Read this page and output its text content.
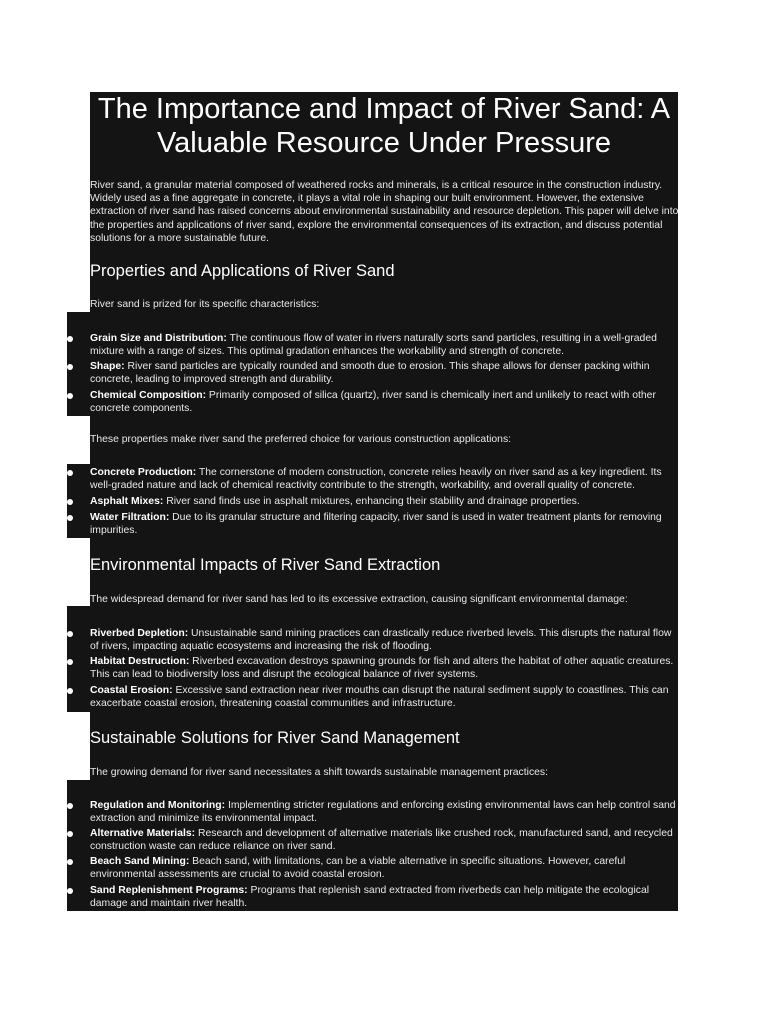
The Importance and Impact of River Sand: A Valuable Resource Under Pressure
River sand, a granular material composed of weathered rocks and minerals, is a critical resource in the construction industry. Widely used as a fine aggregate in concrete, it plays a vital role in shaping our built environment. However, the extensive extraction of river sand has raised concerns about environmental sustainability and resource depletion. This paper will delve into the properties and applications of river sand, explore the environmental consequences of its extraction, and discuss potential solutions for a more sustainable future.
Properties and Applications of River Sand
River sand is prized for its specific characteristics:
Grain Size and Distribution: The continuous flow of water in rivers naturally sorts sand particles, resulting in a well-graded mixture with a range of sizes. This optimal gradation enhances the workability and strength of concrete.
Shape: River sand particles are typically rounded and smooth due to erosion. This shape allows for denser packing within concrete, leading to improved strength and durability.
Chemical Composition: Primarily composed of silica (quartz), river sand is chemically inert and unlikely to react with other concrete components.
These properties make river sand the preferred choice for various construction applications:
Concrete Production: The cornerstone of modern construction, concrete relies heavily on river sand as a key ingredient. Its well-graded nature and lack of chemical reactivity contribute to the strength, workability, and overall quality of concrete.
Asphalt Mixes: River sand finds use in asphalt mixtures, enhancing their stability and drainage properties.
Water Filtration: Due to its granular structure and filtering capacity, river sand is used in water treatment plants for removing impurities.
Environmental Impacts of River Sand Extraction
The widespread demand for river sand has led to its excessive extraction, causing significant environmental damage:
Riverbed Depletion: Unsustainable sand mining practices can drastically reduce riverbed levels. This disrupts the natural flow of rivers, impacting aquatic ecosystems and increasing the risk of flooding.
Habitat Destruction: Riverbed excavation destroys spawning grounds for fish and alters the habitat of other aquatic creatures. This can lead to biodiversity loss and disrupt the ecological balance of river systems.
Coastal Erosion: Excessive sand extraction near river mouths can disrupt the natural sediment supply to coastlines. This can exacerbate coastal erosion, threatening coastal communities and infrastructure.
Sustainable Solutions for River Sand Management
The growing demand for river sand necessitates a shift towards sustainable management practices:
Regulation and Monitoring: Implementing stricter regulations and enforcing existing environmental laws can help control sand extraction and minimize its environmental impact.
Alternative Materials: Research and development of alternative materials like crushed rock, manufactured sand, and recycled construction waste can reduce reliance on river sand.
Beach Sand Mining: Beach sand, with limitations, can be a viable alternative in specific situations. However, careful environmental assessments are crucial to avoid coastal erosion.
Sand Replenishment Programs: Programs that replenish sand extracted from riverbeds can help mitigate the ecological damage and maintain river health.
